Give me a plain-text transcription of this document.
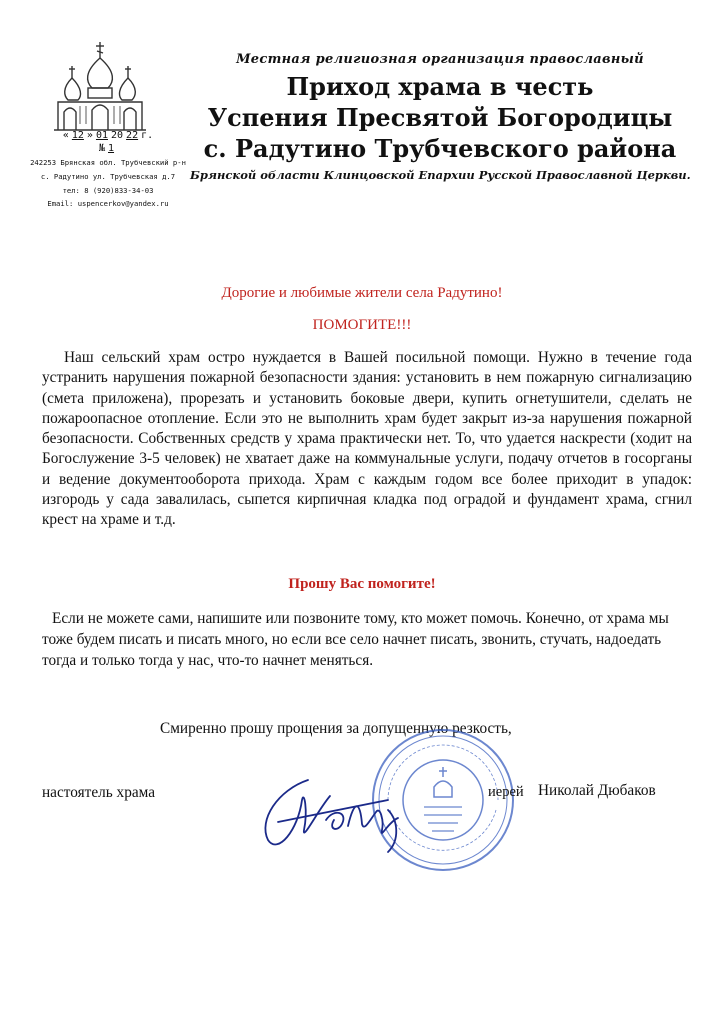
« 12 » 01 20 22 г.
№ 1
242253 Брянская обл. Трубчевский р-н
с. Радутино ул. Трубчевская д.7
тел: 8 (920)833-34-03
Email: uspencerkov@yandex.ru
Местная религиозная организация православный
Приход храма в честь
Успения Пресвятой Богородицы
с. Радутино Трубчевского района
Брянской области Клинцовской Епархии Русской Православной Церкви.
Дорогие и любимые жители села Радутино!
ПОМОГИТЕ!!!
Наш сельский храм остро нуждается в Вашей посильной помощи. Нужно в течение года устранить нарушения пожарной безопасности здания: установить в нем пожарную сигнализацию (смета приложена), прорезать и установить боковые двери, купить огнетушители, сделать не пожароопасное отопление. Если это не выполнить храм будет закрыт из-за нарушения пожарной безопасности. Собственных средств у храма практически нет. То, что удается наскрести (ходит на Богослужение 3-5 человек) не хватает даже на коммунальные услуги, подачу отчетов в госорганы и ведение документооборота прихода. Храм с каждым годом все более приходит в упадок: изгородь у сада завалилась, сыпется кирпичная кладка под оградой и фундамент храма, сгнил крест на храме и т.д.
Прошу Вас помогите!
Если не можете сами, напишите или позвоните тому, кто может помочь. Конечно, от храма мы тоже будем писать и писать много, но если все село начнет писать, звонить, стучать, надоедать тогда и только тогда у нас, что-то начнет меняться.
Смиренно прошу прощения за допущенную резкость,
настоятель храма	иерей Николай Дюбаков
